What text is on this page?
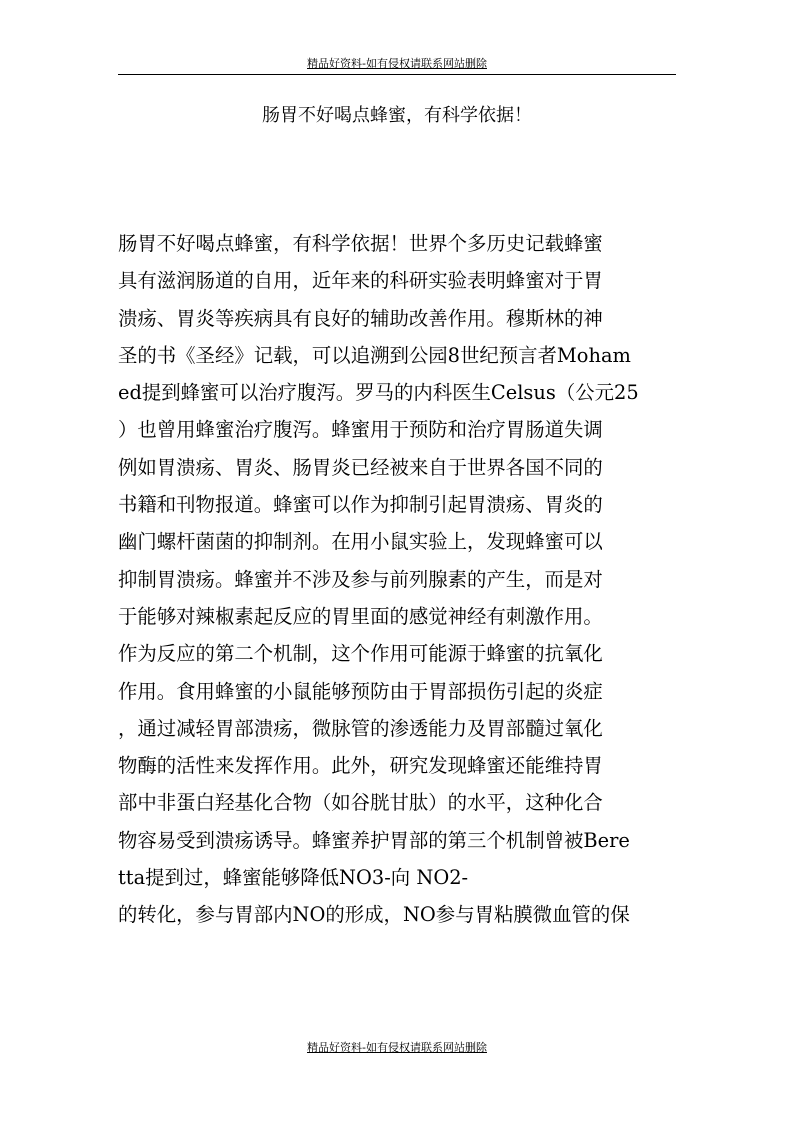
精品好资料-如有侵权请联系网站删除
肠胃不好喝点蜂蜜，有科学依据！
肠胃不好喝点蜂蜜，有科学依据！世界个多历史记载蜂蜜
具有滋润肠道的自用，近年来的科研实验表明蜂蜜对于胃
溃疡、胃炎等疾病具有良好的辅助改善作用。穆斯林的神
圣的书《圣经》记载，可以追溯到公园8世纪预言者Moham
ed提到蜂蜜可以治疗腹泻。罗马的内科医生Celsus（公元25
）也曾用蜂蜜治疗腹泻。蜂蜜用于预防和治疗胃肠道失调
例如胃溃疡、胃炎、肠胃炎已经被来自于世界各国不同的
书籍和刊物报道。蜂蜜可以作为抑制引起胃溃疡、胃炎的
幽门螺杆菌菌的抑制剂。在用小鼠实验上，发现蜂蜜可以
抑制胃溃疡。蜂蜜并不涉及参与前列腺素的产生，而是对
于能够对辣椒素起反应的胃里面的感觉神经有刺激作用。
作为反应的第二个机制，这个作用可能源于蜂蜜的抗氧化
作用。食用蜂蜜的小鼠能够预防由于胃部损伤引起的炎症
，通过减轻胃部溃疡，微脉管的渗透能力及胃部髓过氧化
物酶的活性来发挥作用。此外，研究发现蜂蜜还能维持胃
部中非蛋白羟基化合物（如谷胱甘肽）的水平，这种化合
物容易受到溃疡诱导。蜂蜜养护胃部的第三个机制曾被Bere
tta提到过，蜂蜜能够降低NO3-向 NO2-
的转化，参与胃部内NO的形成，NO参与胃粘膜微血管的保
精品好资料-如有侵权请联系网站删除
